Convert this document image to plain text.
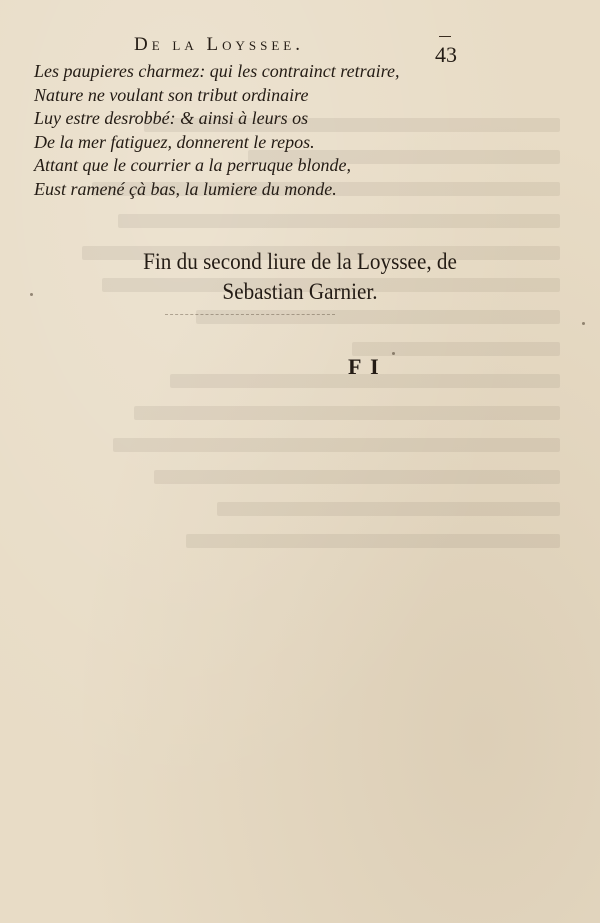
De la Loyssee.	43
Les paupieres charmez: qui les contrainct retraire,
Nature ne voulant son tribut ordinaire
Luy estre desrobbé: & ainsi à leurs os
De la mer fatiguez, donnerent le repos.
Attant que le courrier a la perruque blonde,
Eust ramené çà bas, la lumiere du monde.
Fin du second liure de la Loyssee, de
Sebastian Garnier.
F I
